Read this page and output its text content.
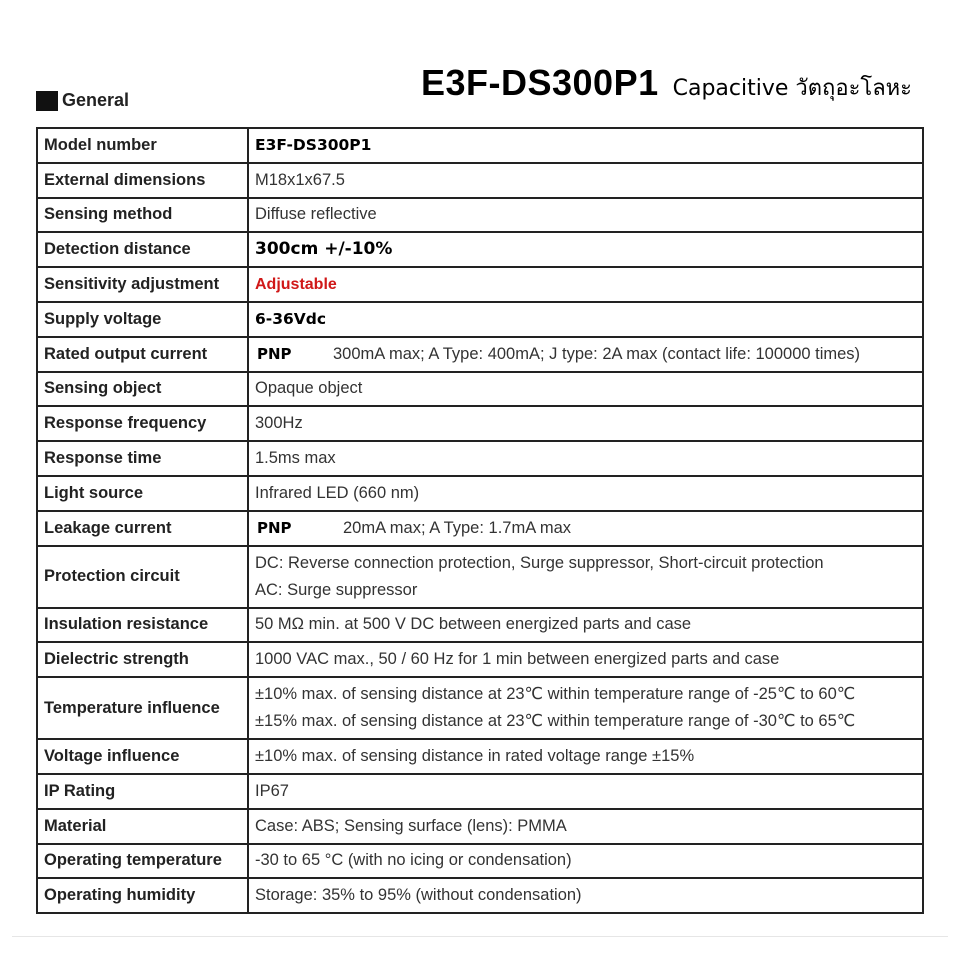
General	E3F-DS300P1 Capacitive วัตถุอะโลหะ
Model number	E3F-DS300P1
External dimensions	M18x1x67.5
Sensing method	Diffuse reflective
Detection distance	300cm +/-10%
Sensitivity adjustment	Adjustable
Supply voltage	6-36Vdc
Rated output current	PNP 300mA max; A Type: 400mA; J type: 2A max (contact life: 100000 times)
Sensing object	Opaque object
Response frequency	300Hz
Response time	1.5ms max
Light source	Infrared LED (660 nm)
Leakage current	PNP 20mA max; A Type: 1.7mA max
Protection circuit	DC: Reverse connection protection, Surge suppressor, Short-circuit protection
AC: Surge suppressor

Insulation resistance	50 MΩ min. at 500 V DC between energized parts and case
Dielectric strength	1000 VAC max., 50 / 60 Hz for 1 min between energized parts and case
Temperature influence	±10% max. of sensing distance at 23℃ within temperature range of -25℃ to 60℃
±15% max. of sensing distance at 23℃ within temperature range of -30℃ to 65℃

Voltage influence	±10% max. of sensing distance in rated voltage range ±15%
IP Rating	IP67
Material	Case: ABS; Sensing surface (lens): PMMA
Operating temperature	-30 to 65 °C (with no icing or condensation)
Operating humidity	Storage: 35% to 95% (without condensation)
